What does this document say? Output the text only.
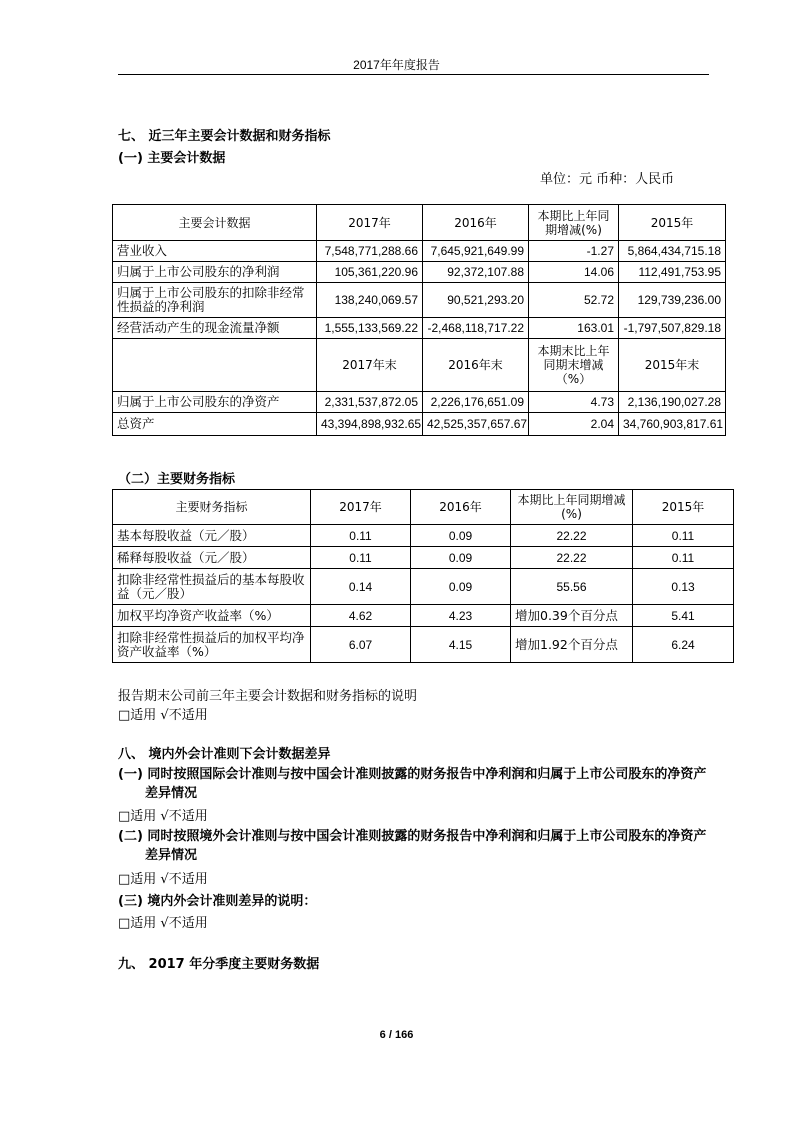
2017年年度报告
七、 近三年主要会计数据和财务指标
(一) 主要会计数据
单位：元 币种：人民币
主要会计数据	2017年	2016年	本期比上年同期增减(%)	2015年
营业收入	7,548,771,288.66	7,645,921,649.99	-1.27	5,864,434,715.18
归属于上市公司股东的净利润	105,361,220.96	92,372,107.88	14.06	112,491,753.95
归属于上市公司股东的扣除非经常性损益的净利润	138,240,069.57	90,521,293.20	52.72	129,739,236.00
经营活动产生的现金流量净额	1,555,133,569.22	-2,468,118,717.22	163.01	-1,797,507,829.18
	2017年末	2016年末	本期末比上年同期末增减（%）	2015年末
归属于上市公司股东的净资产	2,331,537,872.05	2,226,176,651.09	4.73	2,136,190,027.28
总资产	43,394,898,932.65	42,525,357,657.67	2.04	34,760,903,817.61
（二）主要财务指标
主要财务指标	2017年	2016年	本期比上年同期增减(%)	2015年
基本每股收益（元／股）	0.11	0.09	22.22	0.11
稀释每股收益（元／股）	0.11	0.09	22.22	0.11
扣除非经常性损益后的基本每股收益（元／股）	0.14	0.09	55.56	0.13
加权平均净资产收益率（%）	4.62	4.23	增加0.39个百分点	5.41
扣除非经常性损益后的加权平均净资产收益率（%）	6.07	4.15	增加1.92个百分点	6.24
报告期末公司前三年主要会计数据和财务指标的说明
□适用 √不适用
八、 境内外会计准则下会计数据差异
(一) 同时按照国际会计准则与按中国会计准则披露的财务报告中净利润和归属于上市公司股东的净资产差异情况
□适用 √不适用
(二) 同时按照境外会计准则与按中国会计准则披露的财务报告中净利润和归属于上市公司股东的净资产差异情况
□适用 √不适用
(三) 境内外会计准则差异的说明：
□适用 √不适用
九、 2017 年分季度主要财务数据
6 / 166
